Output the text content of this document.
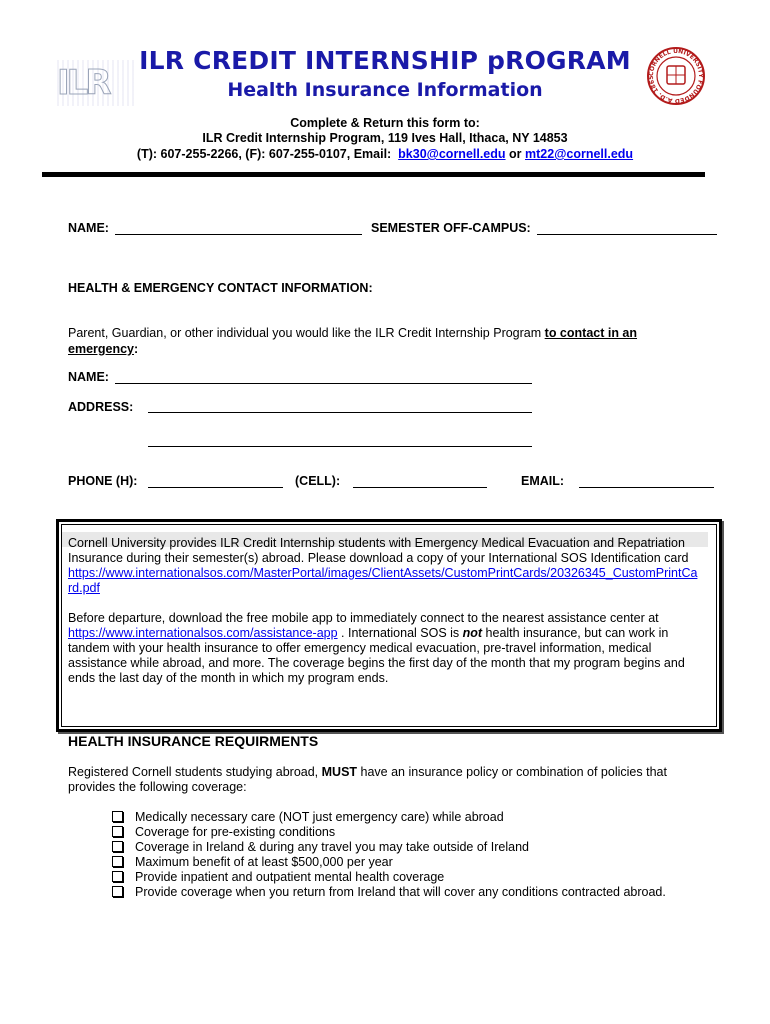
ILR
ILR CREDIT INTERNSHIP pROGRAM
Health Insurance Information
CORNELL UNIVERSITY FOUNDED A.D. 1865
Complete & Return this form to:
ILR Credit Internship Program, 119 Ives Hall, Ithaca, NY 14853
(T): 607-255-2266, (F): 607-255-0107, Email: bk30@cornell.edu or mt22@cornell.edu
NAME:	SEMESTER OFF-CAMPUS:
HEALTH & EMERGENCY CONTACT INFORMATION:
Parent, Guardian, or other individual you would like the ILR Credit Internship Program to contact in an
emergency:
NAME:
ADDRESS:
PHONE (H):	(CELL):	EMAIL:
Cornell University provides ILR Credit Internship students with Emergency Medical Evacuation and Repatriation
Insurance during their semester(s) abroad. Please download a copy of your International SOS Identification card
https://www.internationalsos.com/MasterPortal/images/ClientAssets/CustomPrintCards/20326345_CustomPrintCa
rd.pdf
Before departure, download the free mobile app to immediately connect to the nearest assistance center at
https://www.internationalsos.com/assistance-app . International SOS is not health insurance, but can work in
tandem with your health insurance to offer emergency medical evacuation, pre-travel information, medical
assistance while abroad, and more. The coverage begins the first day of the month that my program begins and
ends the last day of the month in which my program ends.
HEALTH INSURANCE REQUIRMENTS
Registered Cornell students studying abroad, MUST have an insurance policy or combination of policies that
provides the following coverage:
Medically necessary care (NOT just emergency care) while abroad
Coverage for pre-existing conditions
Coverage in Ireland & during any travel you may take outside of Ireland
Maximum benefit of at least $500,000 per year
Provide inpatient and outpatient mental health coverage
Provide coverage when you return from Ireland that will cover any conditions contracted abroad.
